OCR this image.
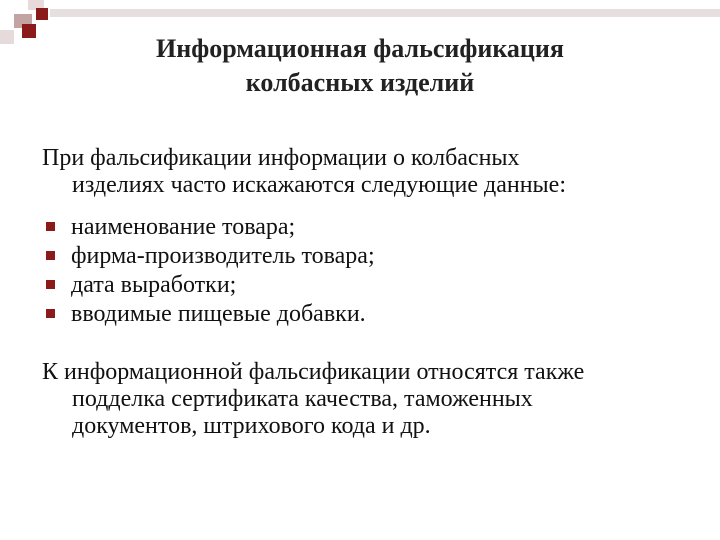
Информационная фальсификация
колбасных изделий
При фальсификации информации о колбасных
изделиях часто искажаются следующие данные:
наименование товара;
фирма-производитель товара;
дата выработки;
вводимые пищевые добавки.
К информационной фальсификации относятся также
подделка сертификата качества, таможенных
документов, штрихового кода и др.
